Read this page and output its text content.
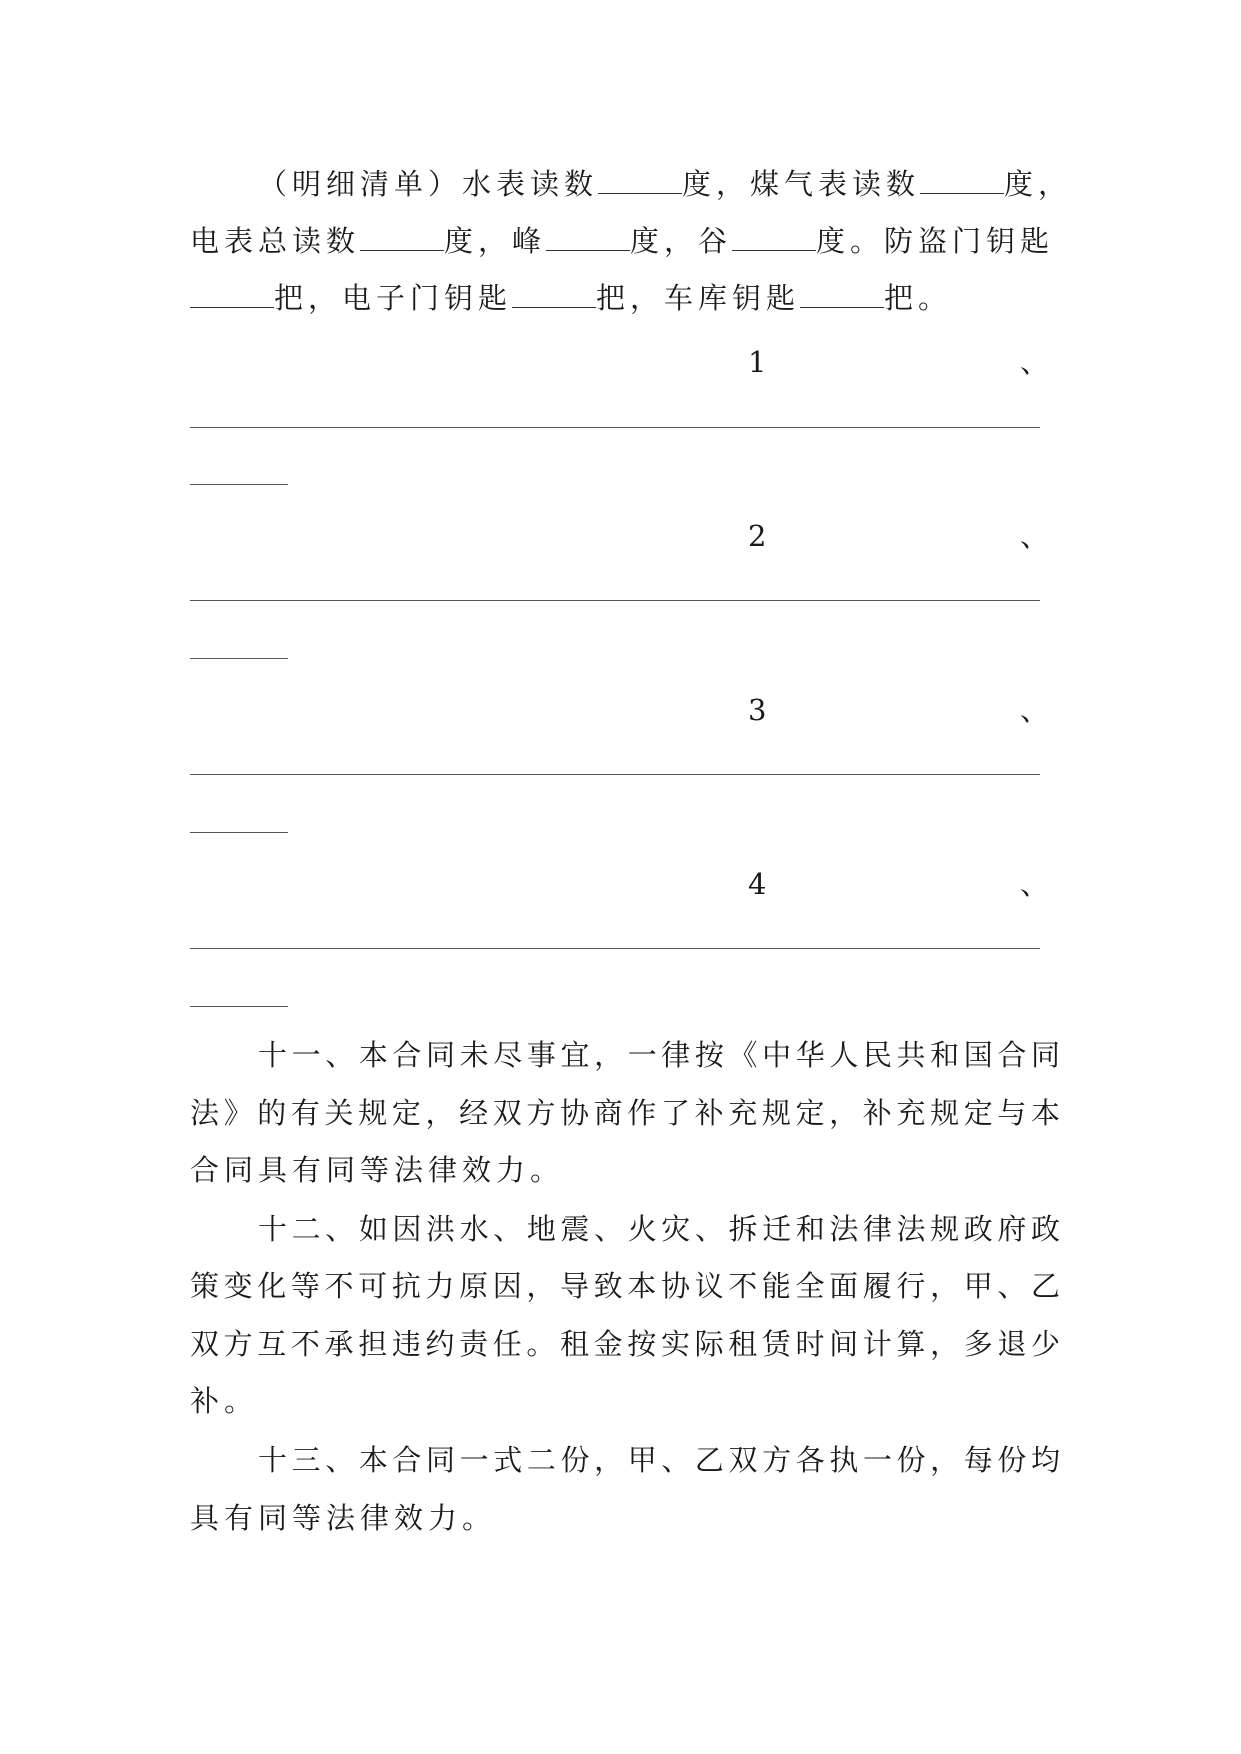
（明细清单）水表读数	度，煤气表读数	度，
电表总读数	度，峰	度，谷	度。防盗门钥匙
把，电子门钥匙	把，车库钥匙	把。
1	、
2	、
3	、
4	、
十一、本合同未尽事宜，一律按《中华人民共和国合同
法》的有关规定，经双方协商作了补充规定，补充规定与本
合同具有同等法律效力。
十二、如因洪水、地震、火灾、拆迁和法律法规政府政
策变化等不可抗力原因，导致本协议不能全面履行，甲、乙
双方互不承担违约责任。租金按实际租赁时间计算，多退少
补。
十三、本合同一式二份，甲、乙双方各执一份，每份均
具有同等法律效力。
